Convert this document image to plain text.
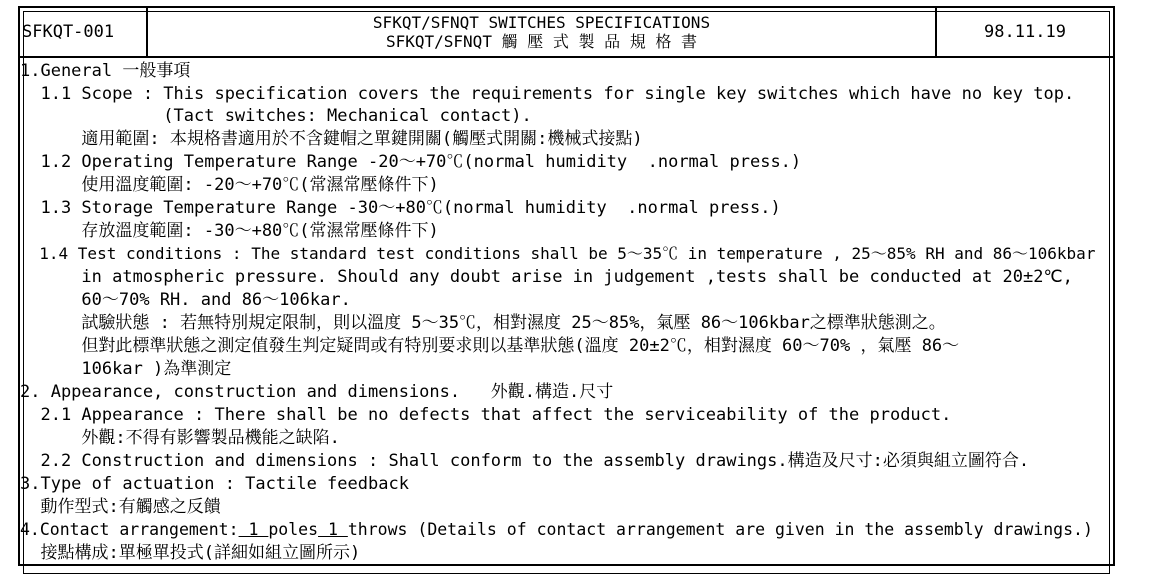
SFKQT-001	SFKQT/SFNQT SWITCHES SPECIFICATIONS
SFKQT/SFNQT 觸 壓 式 製 品 規 格 書	98.11.19
1.General 一般事項
1.1 Scope : This specification covers the requirements for single key switches which have no key top.
(Tact switches: Mechanical contact).
適用範圍: 本規格書適用於不含鍵帽之單鍵開關(觸壓式開關:機械式接點)
1.2 Operating Temperature Range -20～+70℃(normal humidity  .normal press.)
使用溫度範圍: -20～+70℃(常濕常壓條件下)
1.3 Storage Temperature Range -30～+80℃(normal humidity  .normal press.)
存放溫度範圍: -30～+80℃(常濕常壓條件下)
1.4 Test conditions : The standard test conditions shall be 5～35℃ in temperature , 25～85% RH and 86～106kbar
in atmospheric pressure. Should any doubt arise in judgement ,tests shall be conducted at 20±2℃,
60～70% RH. and 86～106kar.
試驗狀態 : 若無特別規定限制，則以溫度 5～35℃，相對濕度 25～85%，氣壓 86～106kbar之標準狀態測之。
但對此標準狀態之測定值發生判定疑問或有特別要求則以基準狀態(溫度 20±2℃，相對濕度 60～70% ，氣壓 86～
106kar )為準測定
2. Appearance, construction and dimensions.   外觀.構造.尺寸
2.1 Appearance : There shall be no defects that affect the serviceability of the product.
外觀:不得有影響製品機能之缺陷.
2.2 Construction and dimensions : Shall conform to the assembly drawings.構造及尺寸:必須與組立圖符合.
3.Type of actuation : Tactile feedback
動作型式:有觸感之反饋
4.Contact arrangement: 1 poles 1 throws (Details of contact arrangement are given in the assembly drawings.)
接點構成:單極單投式(詳細如組立圖所示)
